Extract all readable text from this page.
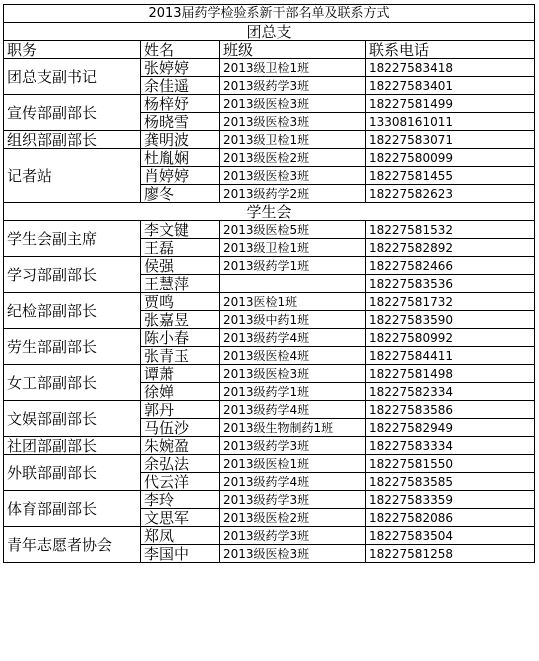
2013届药学检验系新干部名单及联系方式			
团总支			
职务	姓名	班级	联系电话
团总支副书记	张婷婷	2013级卫检1班	18227583418
	余佳遥	2013级药学3班	18227583401
宣传部副部长	杨梓妤	2013级医检3班	18227581499
	杨晓雪	2013级医检3班	13308161011
组织部副部长	龚明波	2013级卫检1班	18227583071
记者站	杜胤娴	2013级医检2班	18227580099
	肖婷婷	2013级医检3班	18227581455
	廖冬	2013级药学2班	18227582623
学生会			
学生会副主席	李文键	2013级医检5班	18227581532
	王磊	2013级卫检1班	18227582892
学习部副部长	侯强	2013级药学1班	18227582466
	王慧萍		18227583536
纪检部副部长	贾鸣	2013医检1班	18227581732
	张嘉昱	2013级中药1班	18227583590
劳生部副部长	陈小春	2013级药学4班	18227580992
	张青玉	2013级医检4班	18227584411
女工部副部长	谭萧	2013级医检3班	18227581498
	徐婵	2013级药学1班	18227582334
文娱部副部长	郭丹	2013级药学4班	18227583586
	马伍沙	2013级生物制药1班	18227582949
社团部副部长	朱婉盈	2013级药学3班	18227583334
外联部副部长	余弘法	2013级医检1班	18227581550
	代云洋	2013级药学4班	18227583585
体育部副部长	李玲	2013级药学3班	18227583359
	文思军	2013级医检2班	18227582086
青年志愿者协会	郑凤	2013级药学3班	18227583504
	李国中	2013级医检3班	18227581258
